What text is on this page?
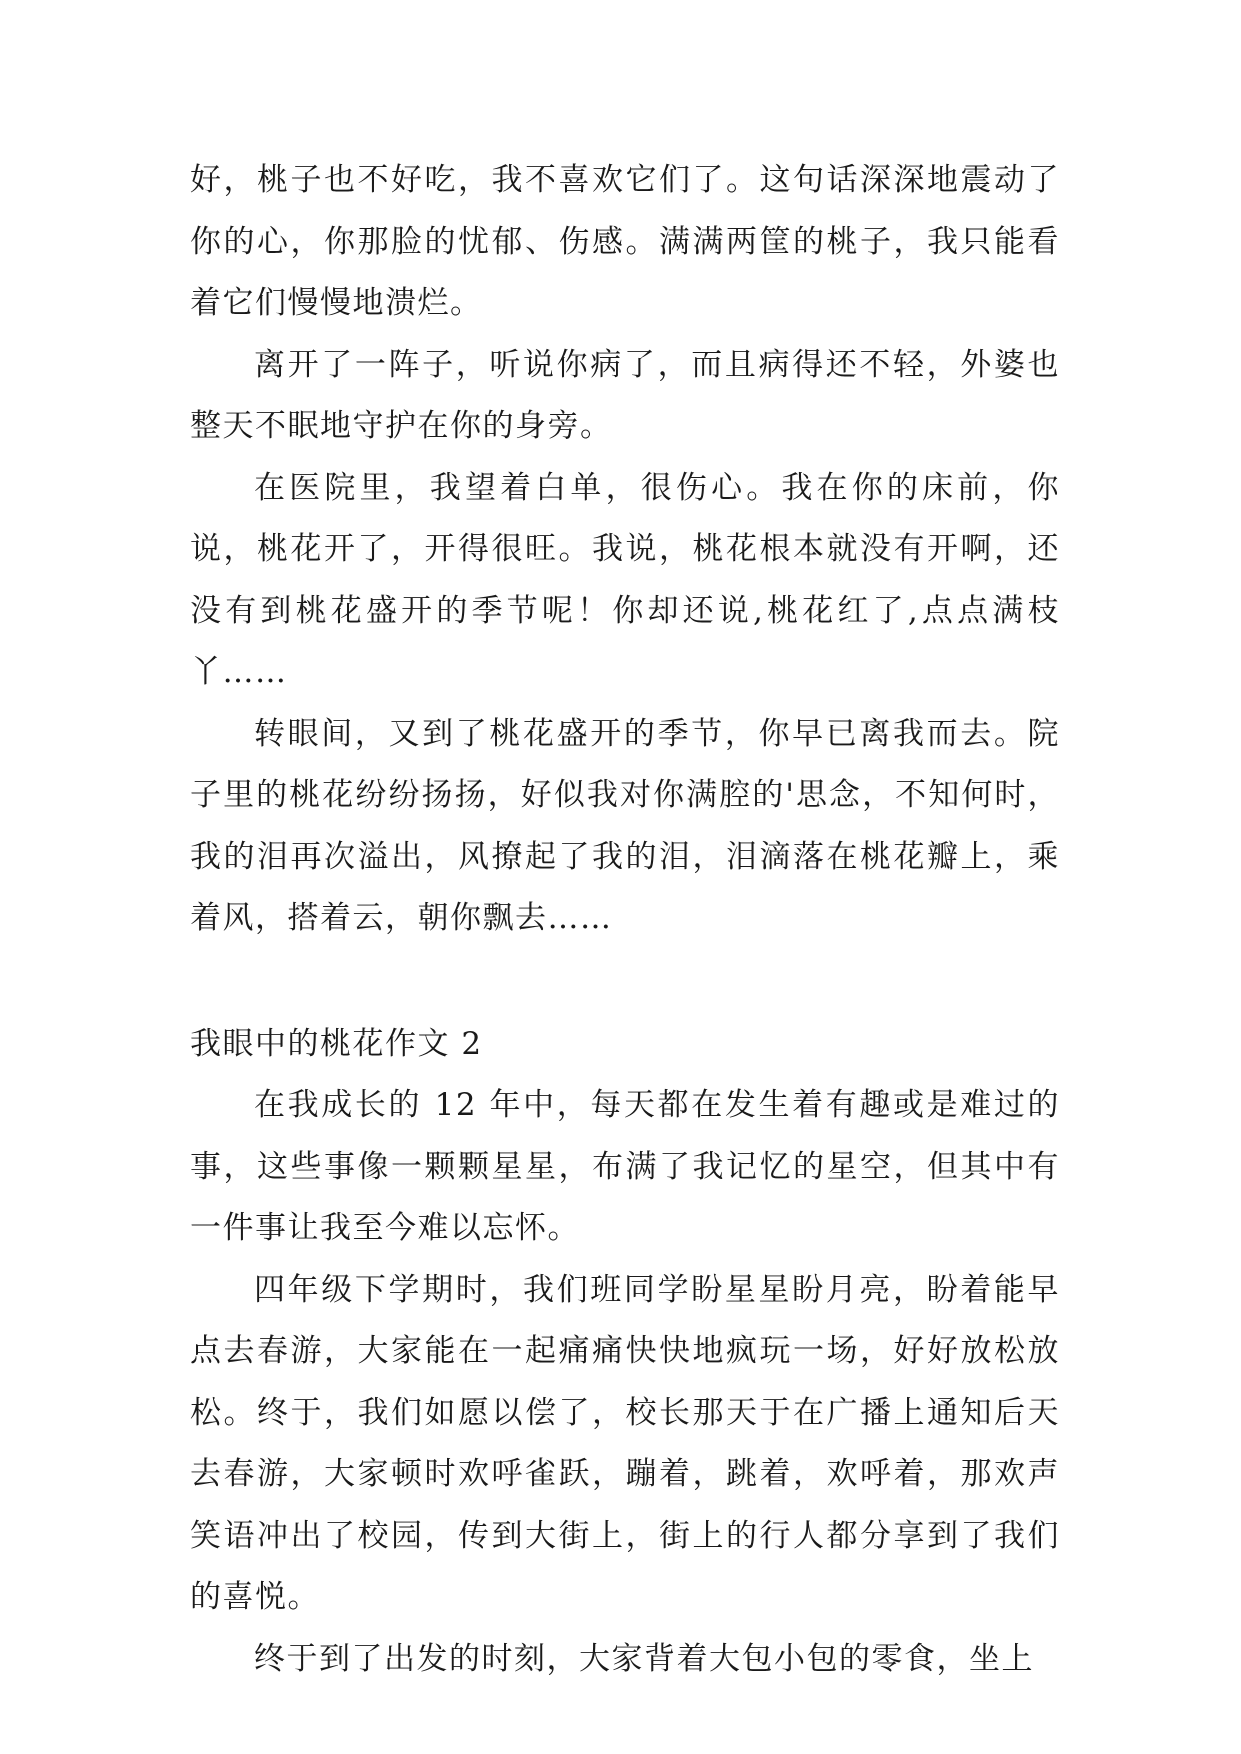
好，桃子也不好吃，我不喜欢它们了。这句话深深地震动了你的心，你那脸的忧郁、伤感。满满两筐的桃子，我只能看着它们慢慢地溃烂。

离开了一阵子，听说你病了，而且病得还不轻，外婆也整天不眠地守护在你的身旁。

在医院里，我望着白单，很伤心。我在你的床前，你说，桃花开了，开得很旺。我说，桃花根本就没有开啊，还没有到桃花盛开的季节呢！你却还说,桃花红了,点点满枝丫……

转眼间，又到了桃花盛开的季节，你早已离我而去。院子里的桃花纷纷扬扬，好似我对你满腔的'思念，不知何时，我的泪再次溢出，风撩起了我的泪，泪滴落在桃花瓣上，乘着风，搭着云，朝你飘去……

我眼中的桃花作文 2

在我成长的 12 年中，每天都在发生着有趣或是难过的事，这些事像一颗颗星星，布满了我记忆的星空，但其中有一件事让我至今难以忘怀。

四年级下学期时，我们班同学盼星星盼月亮，盼着能早点去春游，大家能在一起痛痛快快地疯玩一场，好好放松放松。终于，我们如愿以偿了，校长那天于在广播上通知后天去春游，大家顿时欢呼雀跃，蹦着，跳着，欢呼着，那欢声笑语冲出了校园，传到大街上，街上的行人都分享到了我们的喜悦。

终于到了出发的时刻，大家背着大包小包的零食，坐上
